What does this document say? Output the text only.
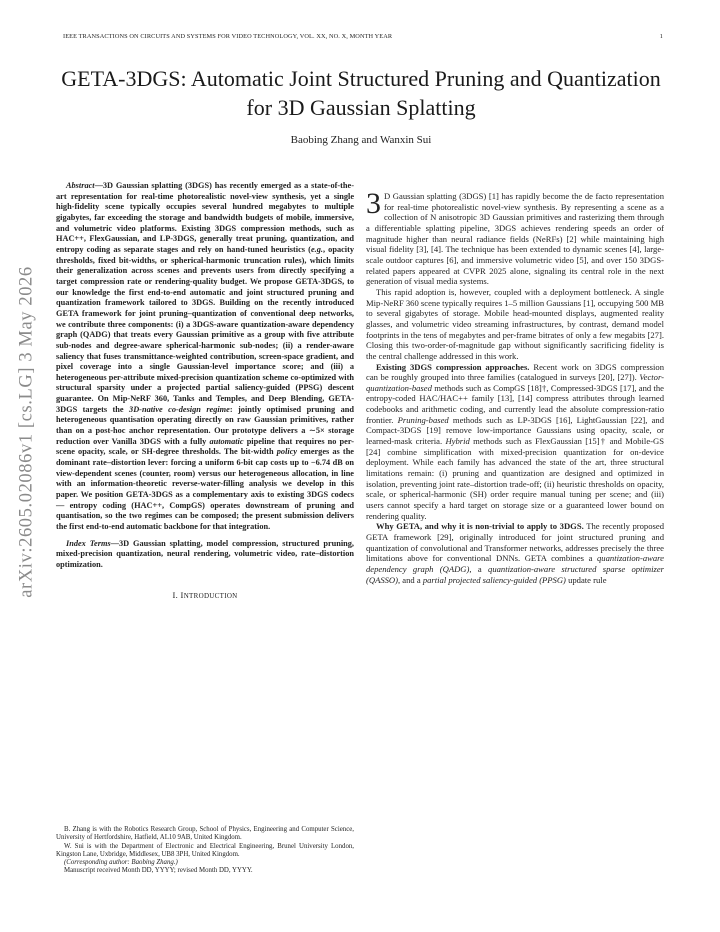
IEEE TRANSACTIONS ON CIRCUITS AND SYSTEMS FOR VIDEO TECHNOLOGY, VOL. XX, NO. X, MONTH YEAR	1
arXiv:2605.02086v1 [cs.LG] 3 May 2026
GETA-3DGS: Automatic Joint Structured Pruning and Quantization
for 3D Gaussian Splatting
Baobing Zhang and Wanxin Sui

Abstract—3D Gaussian splatting (3DGS) has recently emerged as a state-of-the-art representation for real-time photorealistic novel-view synthesis, yet a single high-fidelity scene typically occupies several hundred megabytes to multiple gigabytes, far exceeding the storage and bandwidth budgets of mobile, immersive, and volumetric video platforms. Existing 3DGS compression methods, such as HAC++, FlexGaussian, and LP-3DGS, generally treat pruning, quantization, and entropy coding as separate stages and rely on hand-tuned heuristics (e.g., opacity thresholds, fixed bit-widths, or spherical-harmonic truncation rules), which limits their generalization across scenes and prevents users from directly specifying a target compression rate or rendering-quality budget. We propose GETA-3DGS, to our knowledge the first end-to-end automatic and joint structured pruning and quantization framework tailored to 3DGS. Building on the recently introduced GETA framework for joint pruning–quantization of conventional deep networks, we contribute three components: (i) a 3DGS-aware quantization-aware dependency graph (QADG) that treats every Gaussian primitive as a group with five attribute sub-nodes and degree-aware spherical-harmonic sub-nodes; (ii) a render-aware saliency that fuses transmittance-weighted contribution, screen-space gradient, and pixel coverage into a single Gaussian-level importance score; and (iii) a heterogeneous per-attribute mixed-precision quantization scheme co-optimized with structural sparsity under a projected partial saliency-guided (PPSG) descent guarantee. On Mip-NeRF 360, Tanks and Temples, and Deep Blending, GETA-3DGS targets the 3D-native co-design regime: jointly optimised pruning and heterogeneous quantisation operating directly on raw Gaussian primitives, rather than on a post-hoc anchor representation. Our prototype delivers a ∼5× storage reduction over Vanilla 3DGS with a fully automatic pipeline that requires no per-scene opacity, scale, or SH-degree thresholds. The bit-width policy emerges as the dominant rate–distortion lever: forcing a uniform 6-bit cap costs up to −6.74 dB on view-dependent scenes (counter, room) versus our heterogeneous allocation, in line with an information-theoretic reverse-water-filling analysis we develop in this paper. We position GETA-3DGS as a complementary axis to existing 3DGS codecs — entropy coding (HAC++, CompGS) operates downstream of pruning and quantisation, so the two regimes can be composed; the present submission delivers the first end-to-end automatic backbone for that integration.

Index Terms—3D Gaussian splatting, model compression, structured pruning, mixed-precision quantization, neural rendering, volumetric video, rate–distortion optimization.

I. INTRODUCTION

B. Zhang is with the Robotics Research Group, School of Physics, Engineering and Computer Science, University of Hertfordshire, Hatfield, AL10 9AB, United Kingdom.

W. Sui is with the Department of Electronic and Electrical Engineering, Brunel University London, Kingston Lane, Uxbridge, Middlesex, UB8 3PH, United Kingdom.

(Corresponding author: Baobing Zhang.)

Manuscript received Month DD, YYYY; revised Month DD, YYYY.

3 D Gaussian splatting (3DGS) [1] has rapidly become the de facto representation for real-time photorealistic novel-view synthesis. By representing a scene as a collection of N anisotropic 3D Gaussian primitives and rasterizing them through a differentiable splatting pipeline, 3DGS achieves rendering speeds an order of magnitude higher than neural radiance fields (NeRFs) [2] while maintaining high visual fidelity [3], [4]. The technique has been extended to dynamic scenes [4], large-scale outdoor captures [6], and immersive volumetric video [5], and over 150 3DGS-related papers appeared at CVPR 2025 alone, signaling its central role in the next generation of visual media systems.

This rapid adoption is, however, coupled with a deployment bottleneck. A single Mip-NeRF 360 scene typically requires 1–5 million Gaussians [1], occupying 500 MB to several gigabytes of storage. Mobile head-mounted displays, augmented reality glasses, and volumetric video streaming infrastructures, by contrast, demand model footprints in the tens of megabytes and per-frame bitrates of only a few megabits [27]. Closing this two-order-of-magnitude gap without significantly sacrificing fidelity is the central challenge addressed in this work.

Existing 3DGS compression approaches. Recent work on 3DGS compression can be roughly grouped into three families (catalogued in surveys [20], [27]). Vector-quantization-based methods such as CompGS [18]†, Compressed-3DGS [17], and the entropy-coded HAC/HAC++ family [13], [14] compress attributes through learned codebooks and arithmetic coding, and currently lead the absolute compression-ratio frontier. Pruning-based methods such as LP-3DGS [16], LightGaussian [22], and Compact-3DGS [19] remove low-importance Gaussians using opacity, scale, or learned-mask criteria. Hybrid methods such as FlexGaussian [15]† and Mobile-GS [24] combine simplification with mixed-precision quantization for on-device deployment. While each family has advanced the state of the art, three structural limitations remain: (i) pruning and quantization are designed and optimized in isolation, preventing joint rate–distortion trade-off; (ii) heuristic thresholds on opacity, scale, or spherical-harmonic (SH) order require manual tuning per scene; and (iii) users cannot specify a hard target on storage size or a guaranteed lower bound on rendering quality.

Why GETA, and why it is non-trivial to apply to 3DGS. The recently proposed GETA framework [29], originally introduced for joint structured pruning and quantization of convolutional and Transformer networks, addresses precisely the three limitations above for conventional DNNs. GETA combines a quantization-aware dependency graph (QADG), a quantization-aware structured sparse optimizer (QASSO), and a partial projected saliency-guided (PPSG) update rule
